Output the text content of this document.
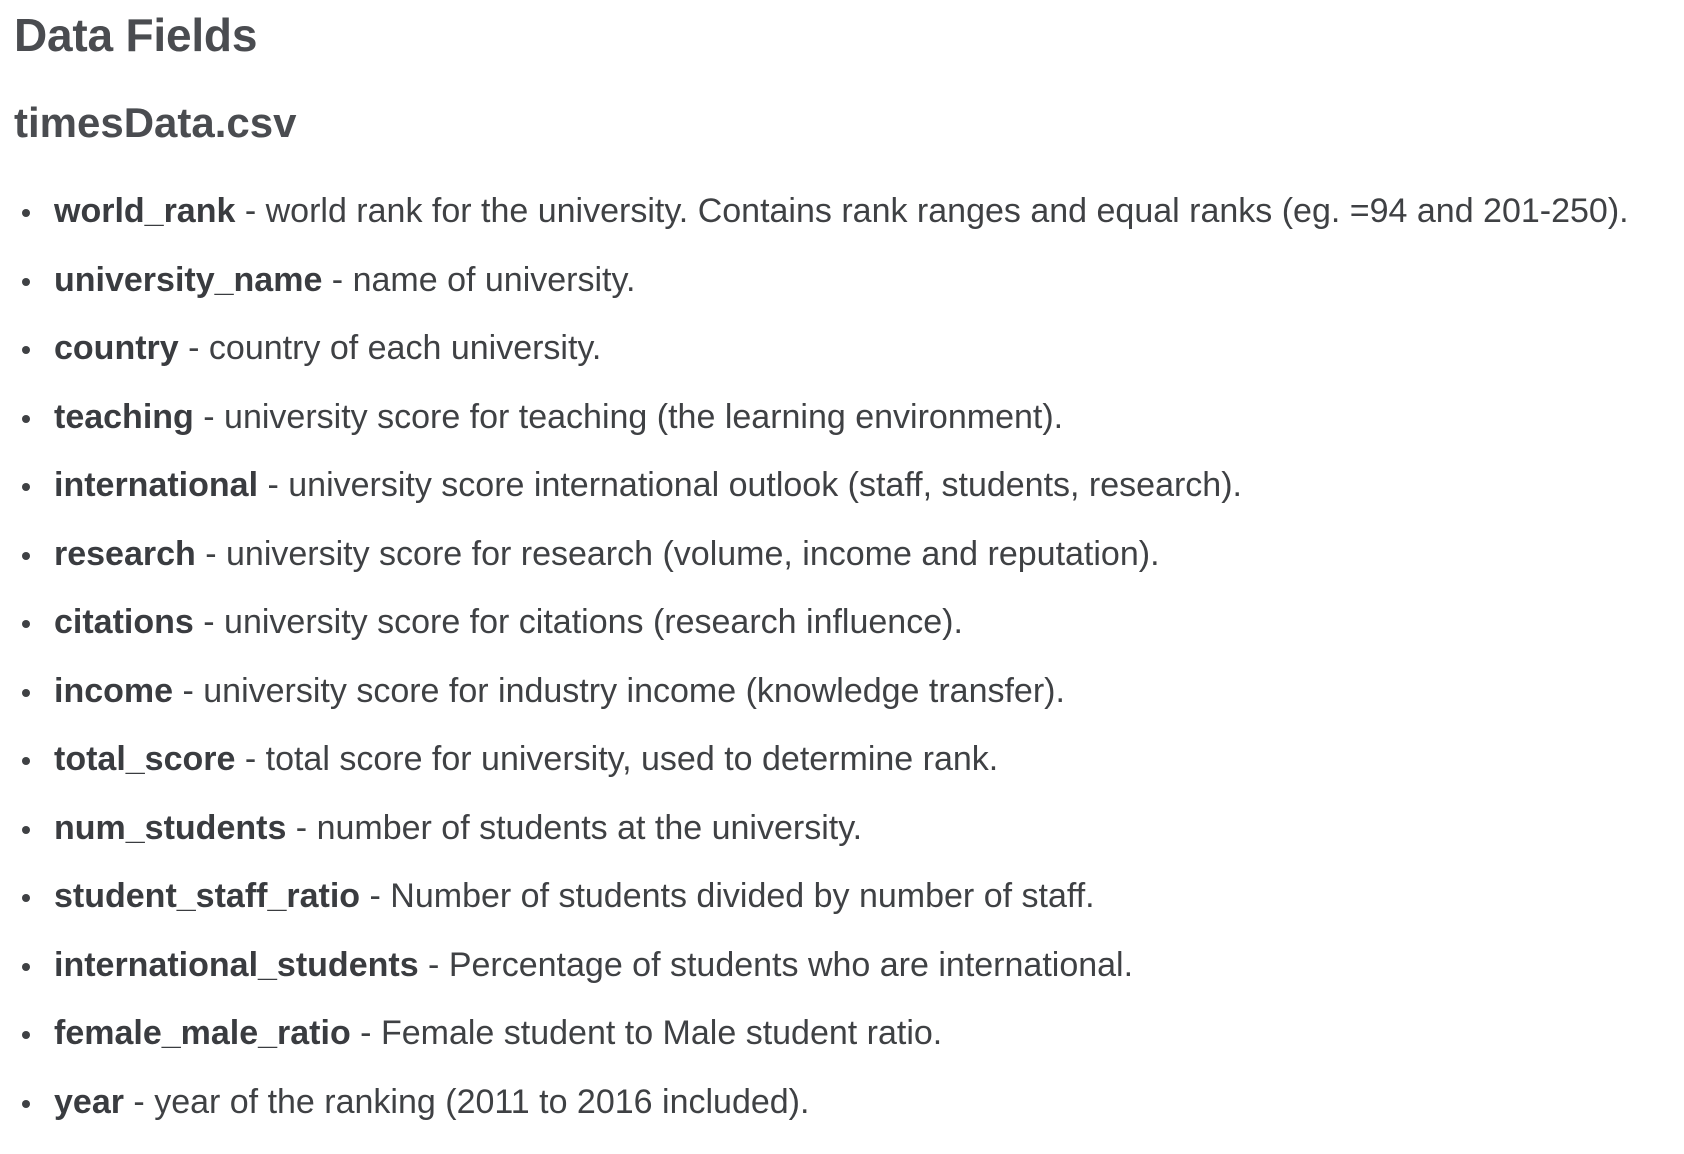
Data Fields
timesData.csv
world_rank - world rank for the university. Contains rank ranges and equal ranks (eg. =94 and 201-250).
university_name - name of university.
country - country of each university.
teaching - university score for teaching (the learning environment).
international - university score international outlook (staff, students, research).
research - university score for research (volume, income and reputation).
citations - university score for citations (research influence).
income - university score for industry income (knowledge transfer).
total_score - total score for university, used to determine rank.
num_students - number of students at the university.
student_staff_ratio - Number of students divided by number of staff.
international_students - Percentage of students who are international.
female_male_ratio - Female student to Male student ratio.
year - year of the ranking (2011 to 2016 included).
